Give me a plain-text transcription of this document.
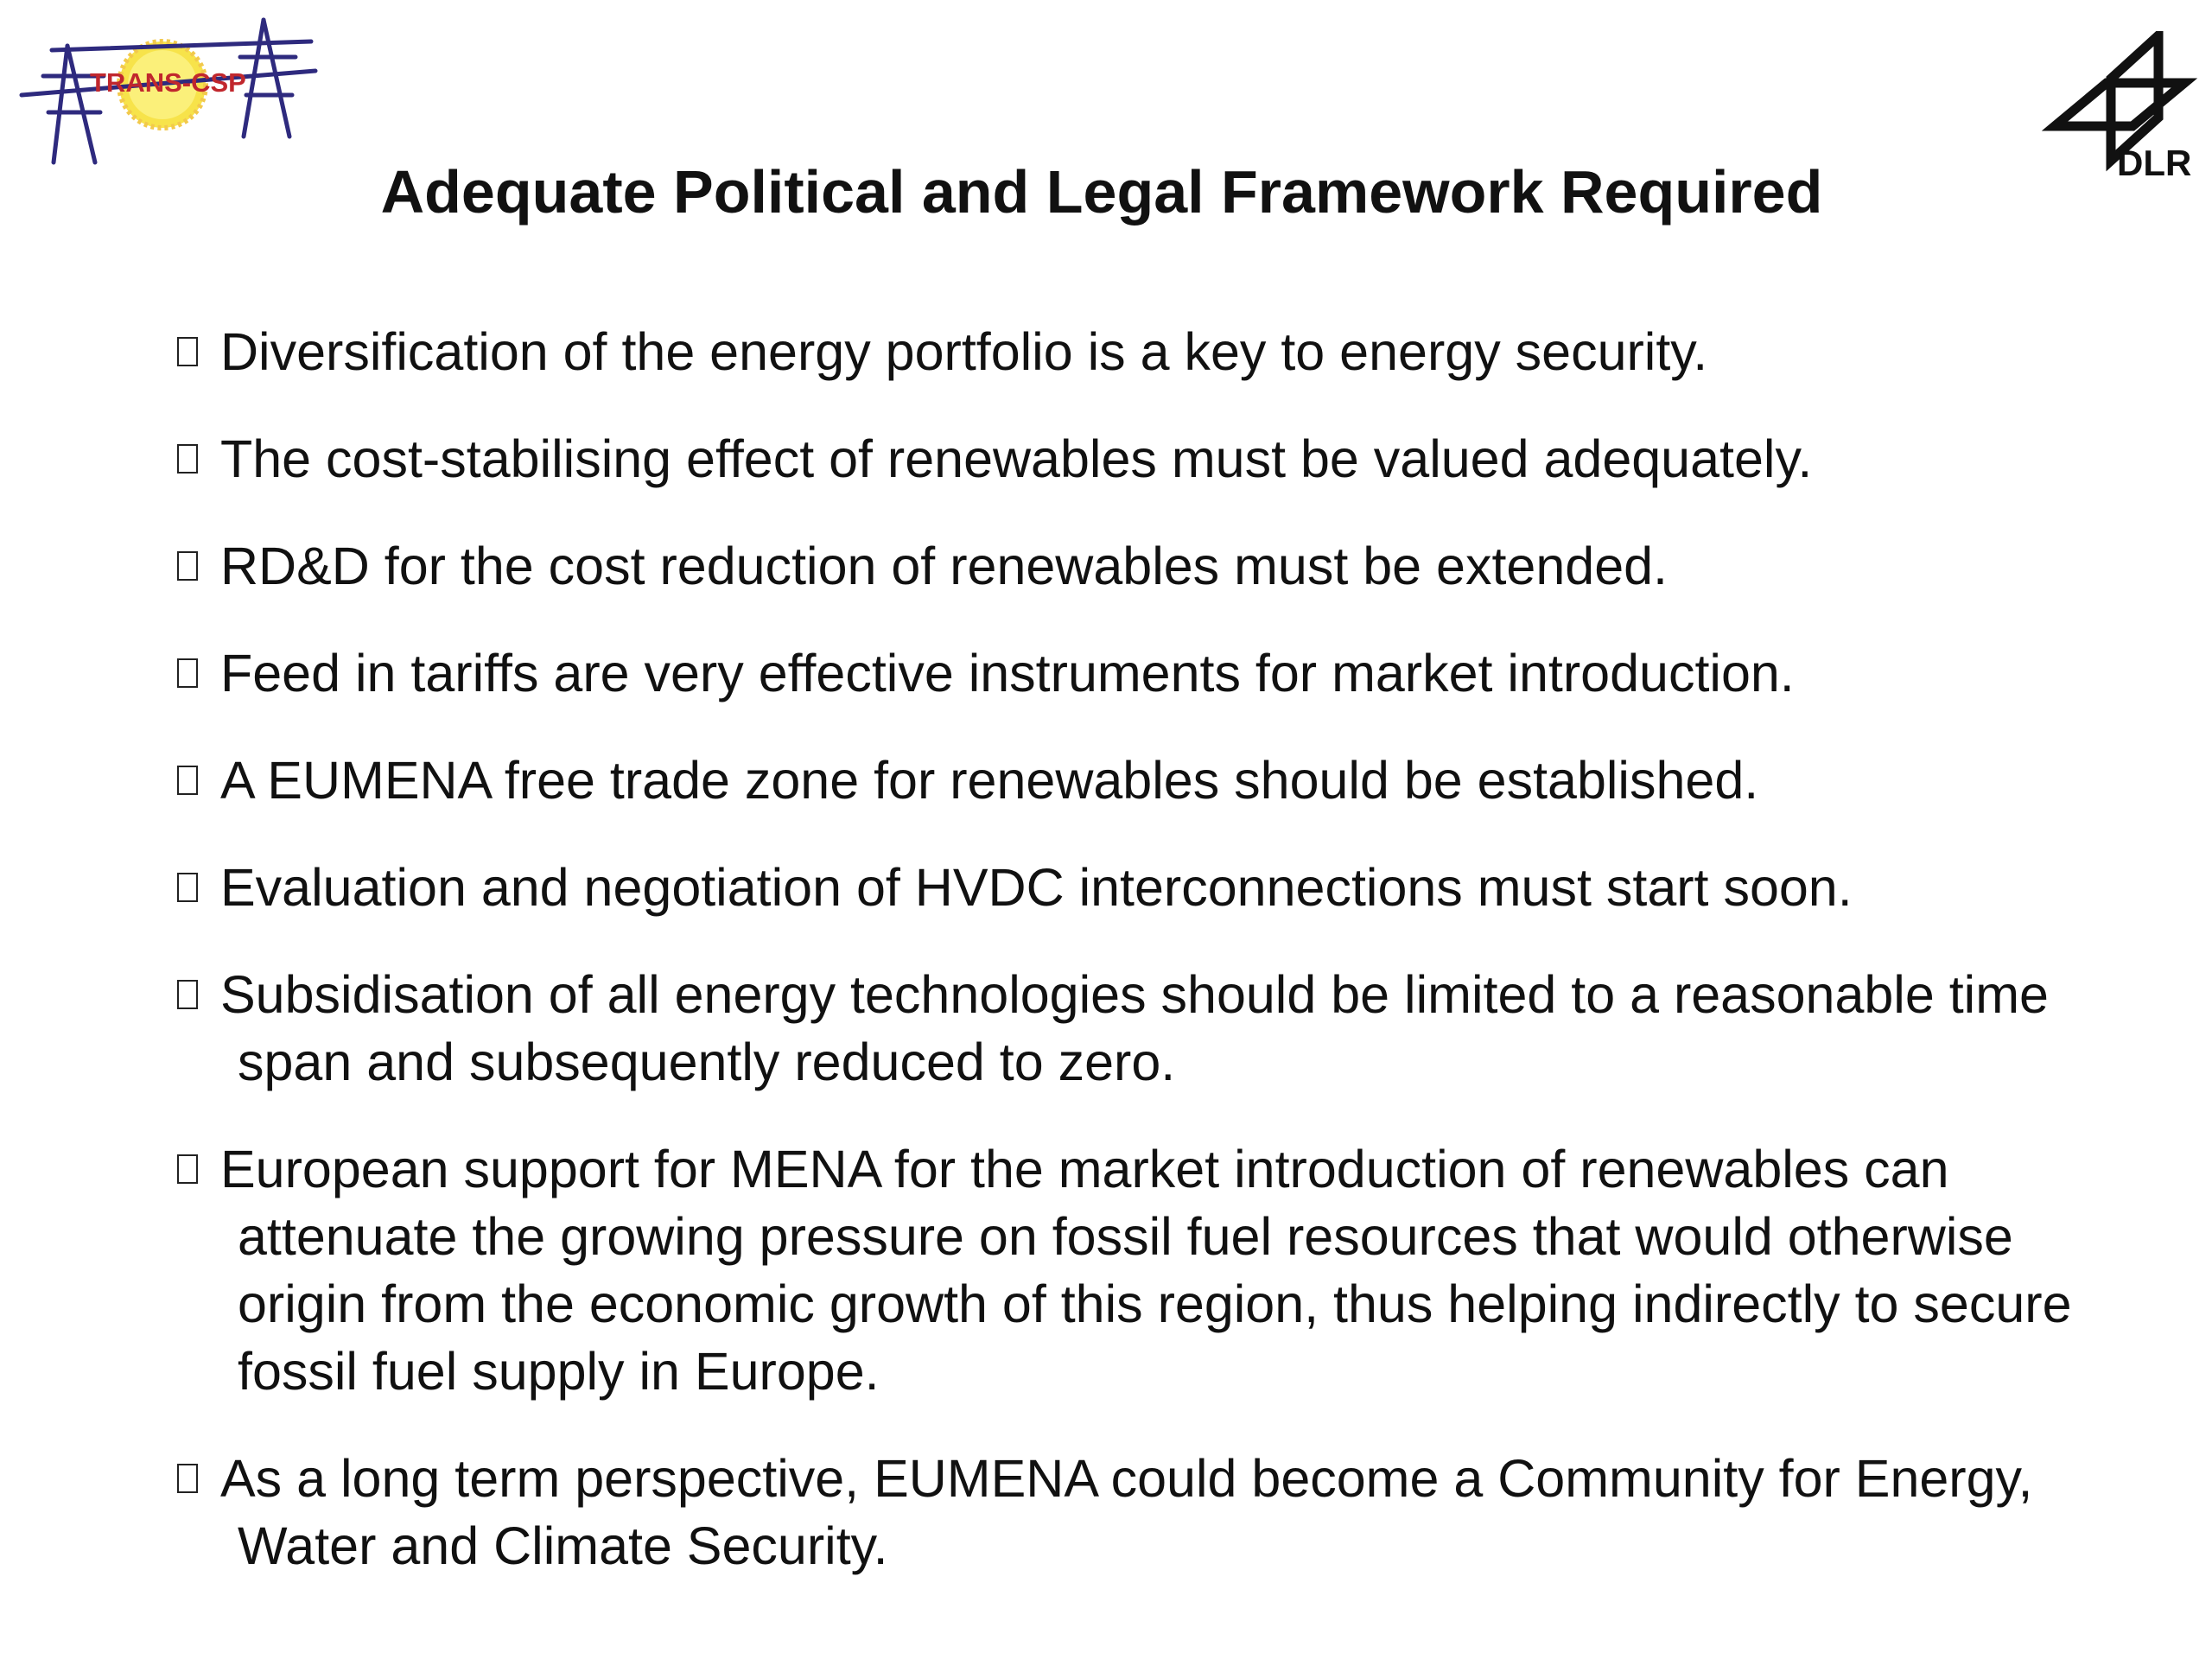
TRANS-CSP
DLR
Adequate Political and Legal Framework Required
Diversification of the energy portfolio is a key to energy security.
The cost-stabilising effect of renewables must be valued adequately.
RD&D for the cost reduction of renewables must be extended.
Feed in tariffs are very effective instruments for market introduction.
A EUMENA free trade zone for renewables should be established.
Evaluation and negotiation of HVDC interconnections must start soon.
Subsidisation of all energy technologies should be limited to a reasonable time span and subsequently reduced to zero.
European support for MENA for the market introduction of renewables can attenuate the growing pressure on fossil fuel resources that would otherwise origin from the economic growth of this region, thus helping indirectly to secure fossil fuel supply in Europe.
As a long term perspective, EUMENA could become a Community for Energy, Water and Climate Security.
